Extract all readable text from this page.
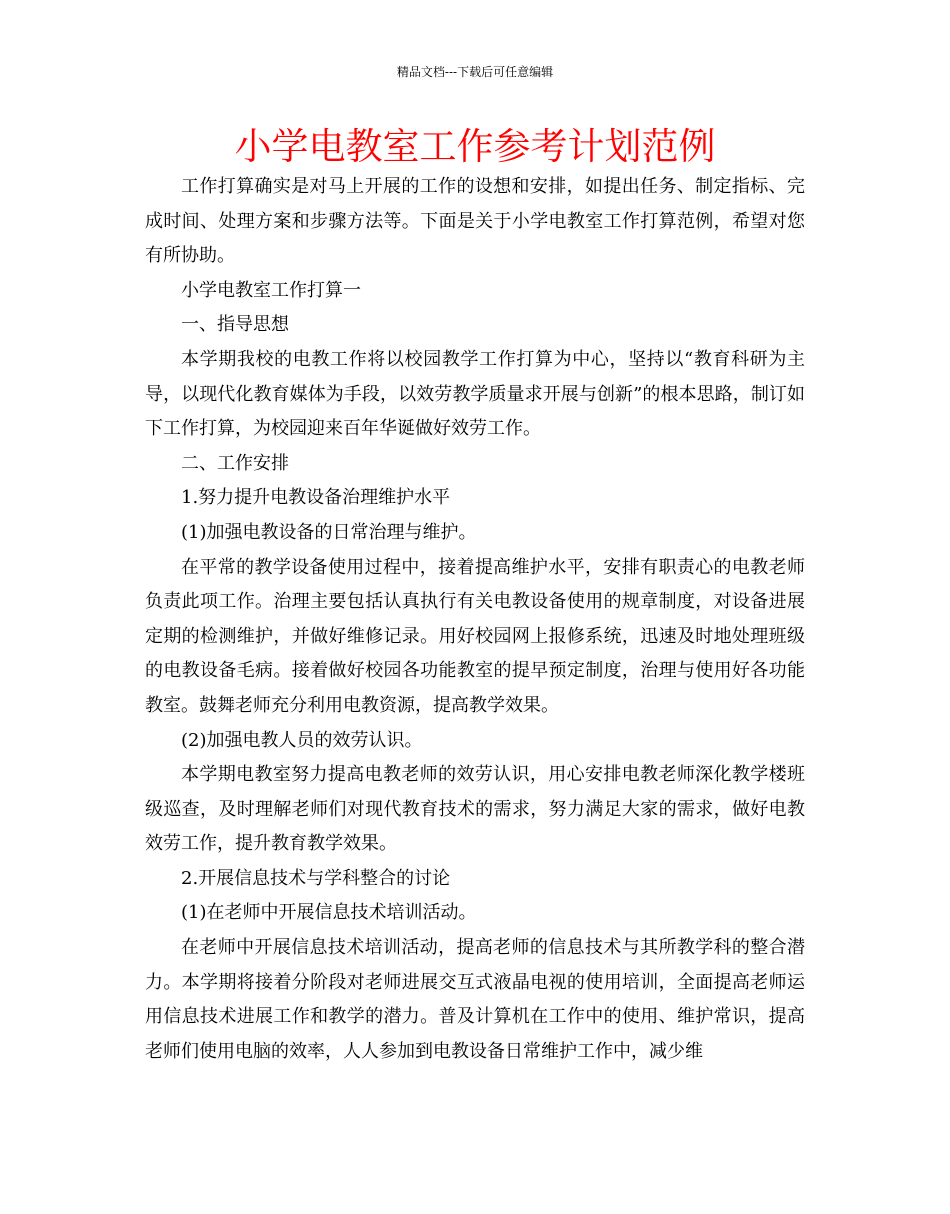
精品文档---下载后可任意编辑
小学电教室工作参考计划范例

工作打算确实是对马上开展的工作的设想和安排，如提出任务、制定指标、完成时间、处理方案和步骤方法等。下面是关于小学电教室工作打算范例，希望对您有所协助。

小学电教室工作打算一

一、指导思想

本学期我校的电教工作将以校园教学工作打算为中心，坚持以“教育科研为主导，以现代化教育媒体为手段，以效劳教学质量求开展与创新”的根本思路，制订如下工作打算，为校园迎来百年华诞做好效劳工作。

二、工作安排

1.努力提升电教设备治理维护水平

(1)加强电教设备的日常治理与维护。

在平常的教学设备使用过程中，接着提高维护水平，安排有职责心的电教老师负责此项工作。治理主要包括认真执行有关电教设备使用的规章制度，对设备进展定期的检测维护，并做好维修记录。用好校园网上报修系统，迅速及时地处理班级的电教设备毛病。接着做好校园各功能教室的提早预定制度，治理与使用好各功能教室。鼓舞老师充分利用电教资源，提高教学效果。

(2)加强电教人员的效劳认识。

本学期电教室努力提高电教老师的效劳认识，用心安排电教老师深化教学楼班级巡查，及时理解老师们对现代教育技术的需求，努力满足大家的需求，做好电教效劳工作，提升教育教学效果。

2.开展信息技术与学科整合的讨论

(1)在老师中开展信息技术培训活动。

在老师中开展信息技术培训活动，提高老师的信息技术与其所教学科的整合潜力。本学期将接着分阶段对老师进展交互式液晶电视的使用培训，全面提高老师运用信息技术进展工作和教学的潜力。普及计算机在工作中的使用、维护常识，提高老师们使用电脑的效率，人人参加到电教设备日常维护工作中，减少维
